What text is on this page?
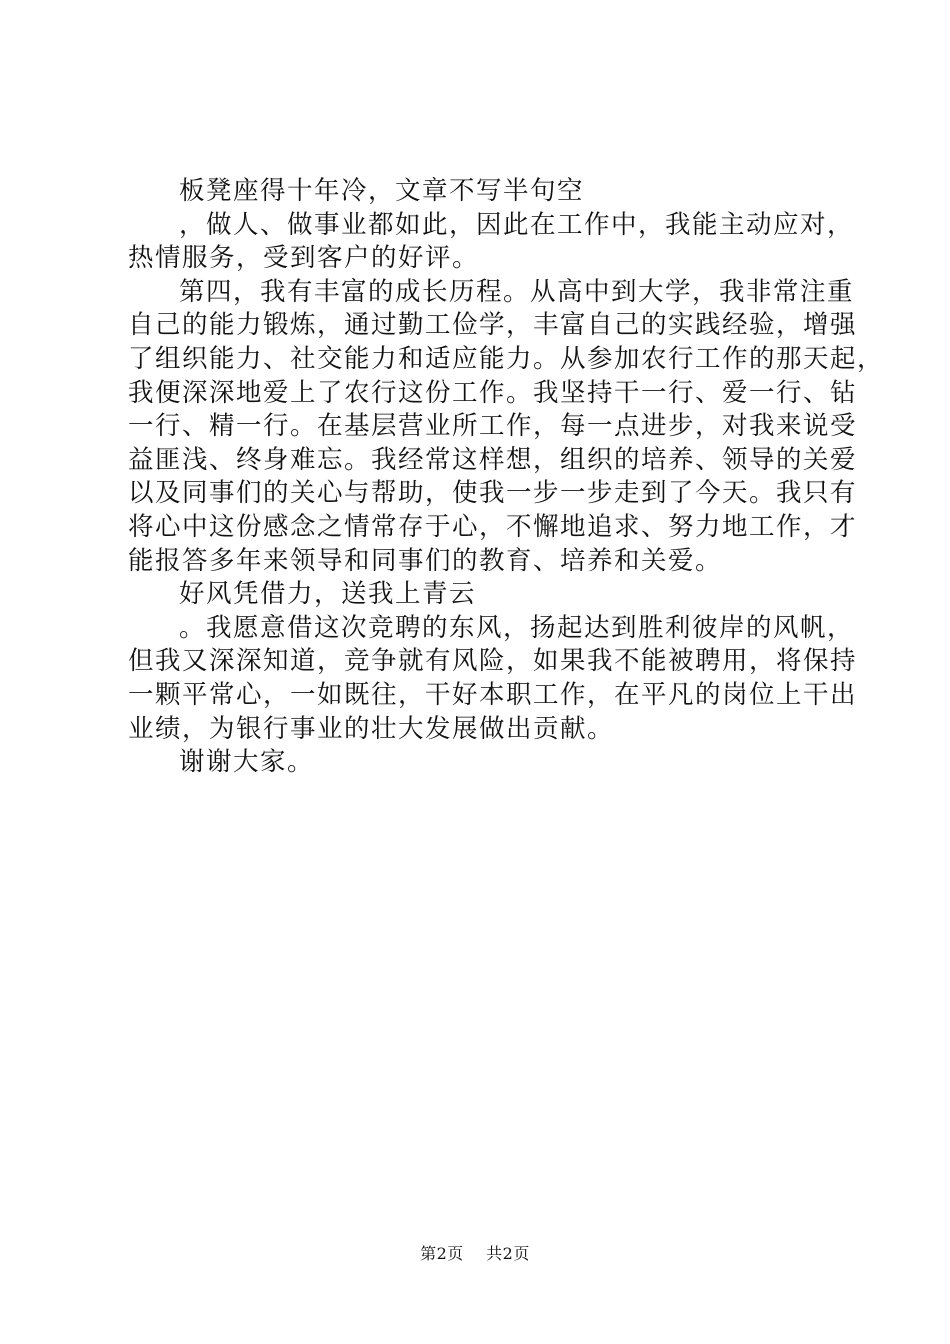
板凳座得十年冷，文章不写半句空
，做人、做事业都如此，因此在工作中，我能主动应对，
热情服务，受到客户的好评。
第四，我有丰富的成长历程。从高中到大学，我非常注重
自己的能力锻炼，通过勤工俭学，丰富自己的实践经验，增强
了组织能力、社交能力和适应能力。从参加农行工作的那天起，
我便深深地爱上了农行这份工作。我坚持干一行、爱一行、钻
一行、精一行。在基层营业所工作，每一点进步，对我来说受
益匪浅、终身难忘。我经常这样想，组织的培养、领导的关爱
以及同事们的关心与帮助，使我一步一步走到了今天。我只有
将心中这份感念之情常存于心，不懈地追求、努力地工作，才
能报答多年来领导和同事们的教育、培养和关爱。
好风凭借力，送我上青云
。我愿意借这次竞聘的东风，扬起达到胜利彼岸的风帆，
但我又深深知道，竞争就有风险，如果我不能被聘用，将保持
一颗平常心，一如既往，干好本职工作，在平凡的岗位上干出
业绩，为银行事业的壮大发展做出贡献。
谢谢大家。
第2页 共2页
